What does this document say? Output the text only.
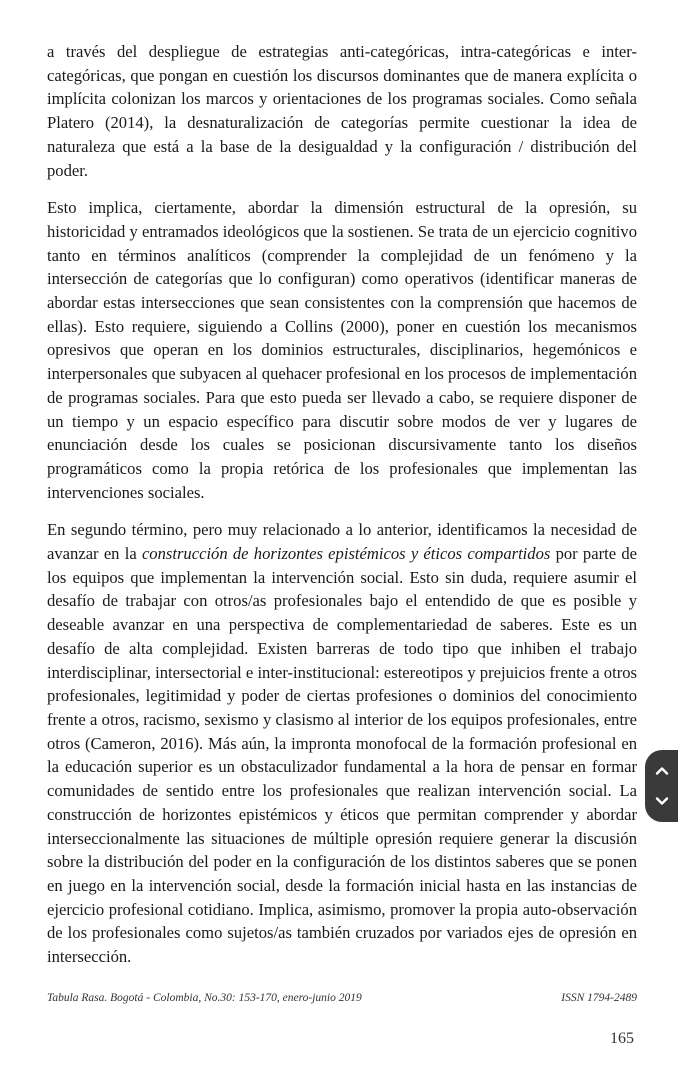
a través del despliegue de estrategias anti-categóricas, intra-categóricas e inter-categóricas, que pongan en cuestión los discursos dominantes que de manera explícita o implícita colonizan los marcos y orientaciones de los programas sociales. Como señala Platero (2014), la desnaturalización de categorías permite cuestionar la idea de naturaleza que está a la base de la desigualdad y la configuración / distribución del poder.

Esto implica, ciertamente, abordar la dimensión estructural de la opresión, su historicidad y entramados ideológicos que la sostienen. Se trata de un ejercicio cognitivo tanto en términos analíticos (comprender la complejidad de un fenómeno y la intersección de categorías que lo configuran) como operativos (identificar maneras de abordar estas intersecciones que sean consistentes con la comprensión que hacemos de ellas). Esto requiere, siguiendo a Collins (2000), poner en cuestión los mecanismos opresivos que operan en los dominios estructurales, disciplinarios, hegemónicos e interpersonales que subyacen al quehacer profesional en los procesos de implementación de programas sociales. Para que esto pueda ser llevado a cabo, se requiere disponer de un tiempo y un espacio específico para discutir sobre modos de ver y lugares de enunciación desde los cuales se posicionan discursivamente tanto los diseños programáticos como la propia retórica de los profesionales que implementan las intervenciones sociales.

En segundo término, pero muy relacionado a lo anterior, identificamos la necesidad de avanzar en la construcción de horizontes epistémicos y éticos compartidos por parte de los equipos que implementan la intervención social. Esto sin duda, requiere asumir el desafío de trabajar con otros/as profesionales bajo el entendido de que es posible y deseable avanzar en una perspectiva de complementariedad de saberes. Este es un desafío de alta complejidad. Existen barreras de todo tipo que inhiben el trabajo interdisciplinar, intersectorial e inter-institucional: estereotipos y prejuicios frente a otros profesionales, legitimidad y poder de ciertas profesiones o dominios del conocimiento frente a otros, racismo, sexismo y clasismo al interior de los equipos profesionales, entre otros (Cameron, 2016). Más aún, la impronta monofocal de la formación profesional en la educación superior es un obstaculizador fundamental a la hora de pensar en formar comunidades de sentido entre los profesionales que realizan intervención social. La construcción de horizontes epistémicos y éticos que permitan comprender y abordar interseccionalmente las situaciones de múltiple opresión requiere generar la discusión sobre la distribución del poder en la configuración de los distintos saberes que se ponen en juego en la intervención social, desde la formación inicial hasta en las instancias de ejercicio profesional cotidiano. Implica, asimismo, promover la propia auto-observación de los profesionales como sujetos/as también cruzados por variados ejes de opresión en intersección.

Tabula Rasa. Bogotá - Colombia, No.30: 153-170, enero-junio 2019	ISSN 1794-2489
165
